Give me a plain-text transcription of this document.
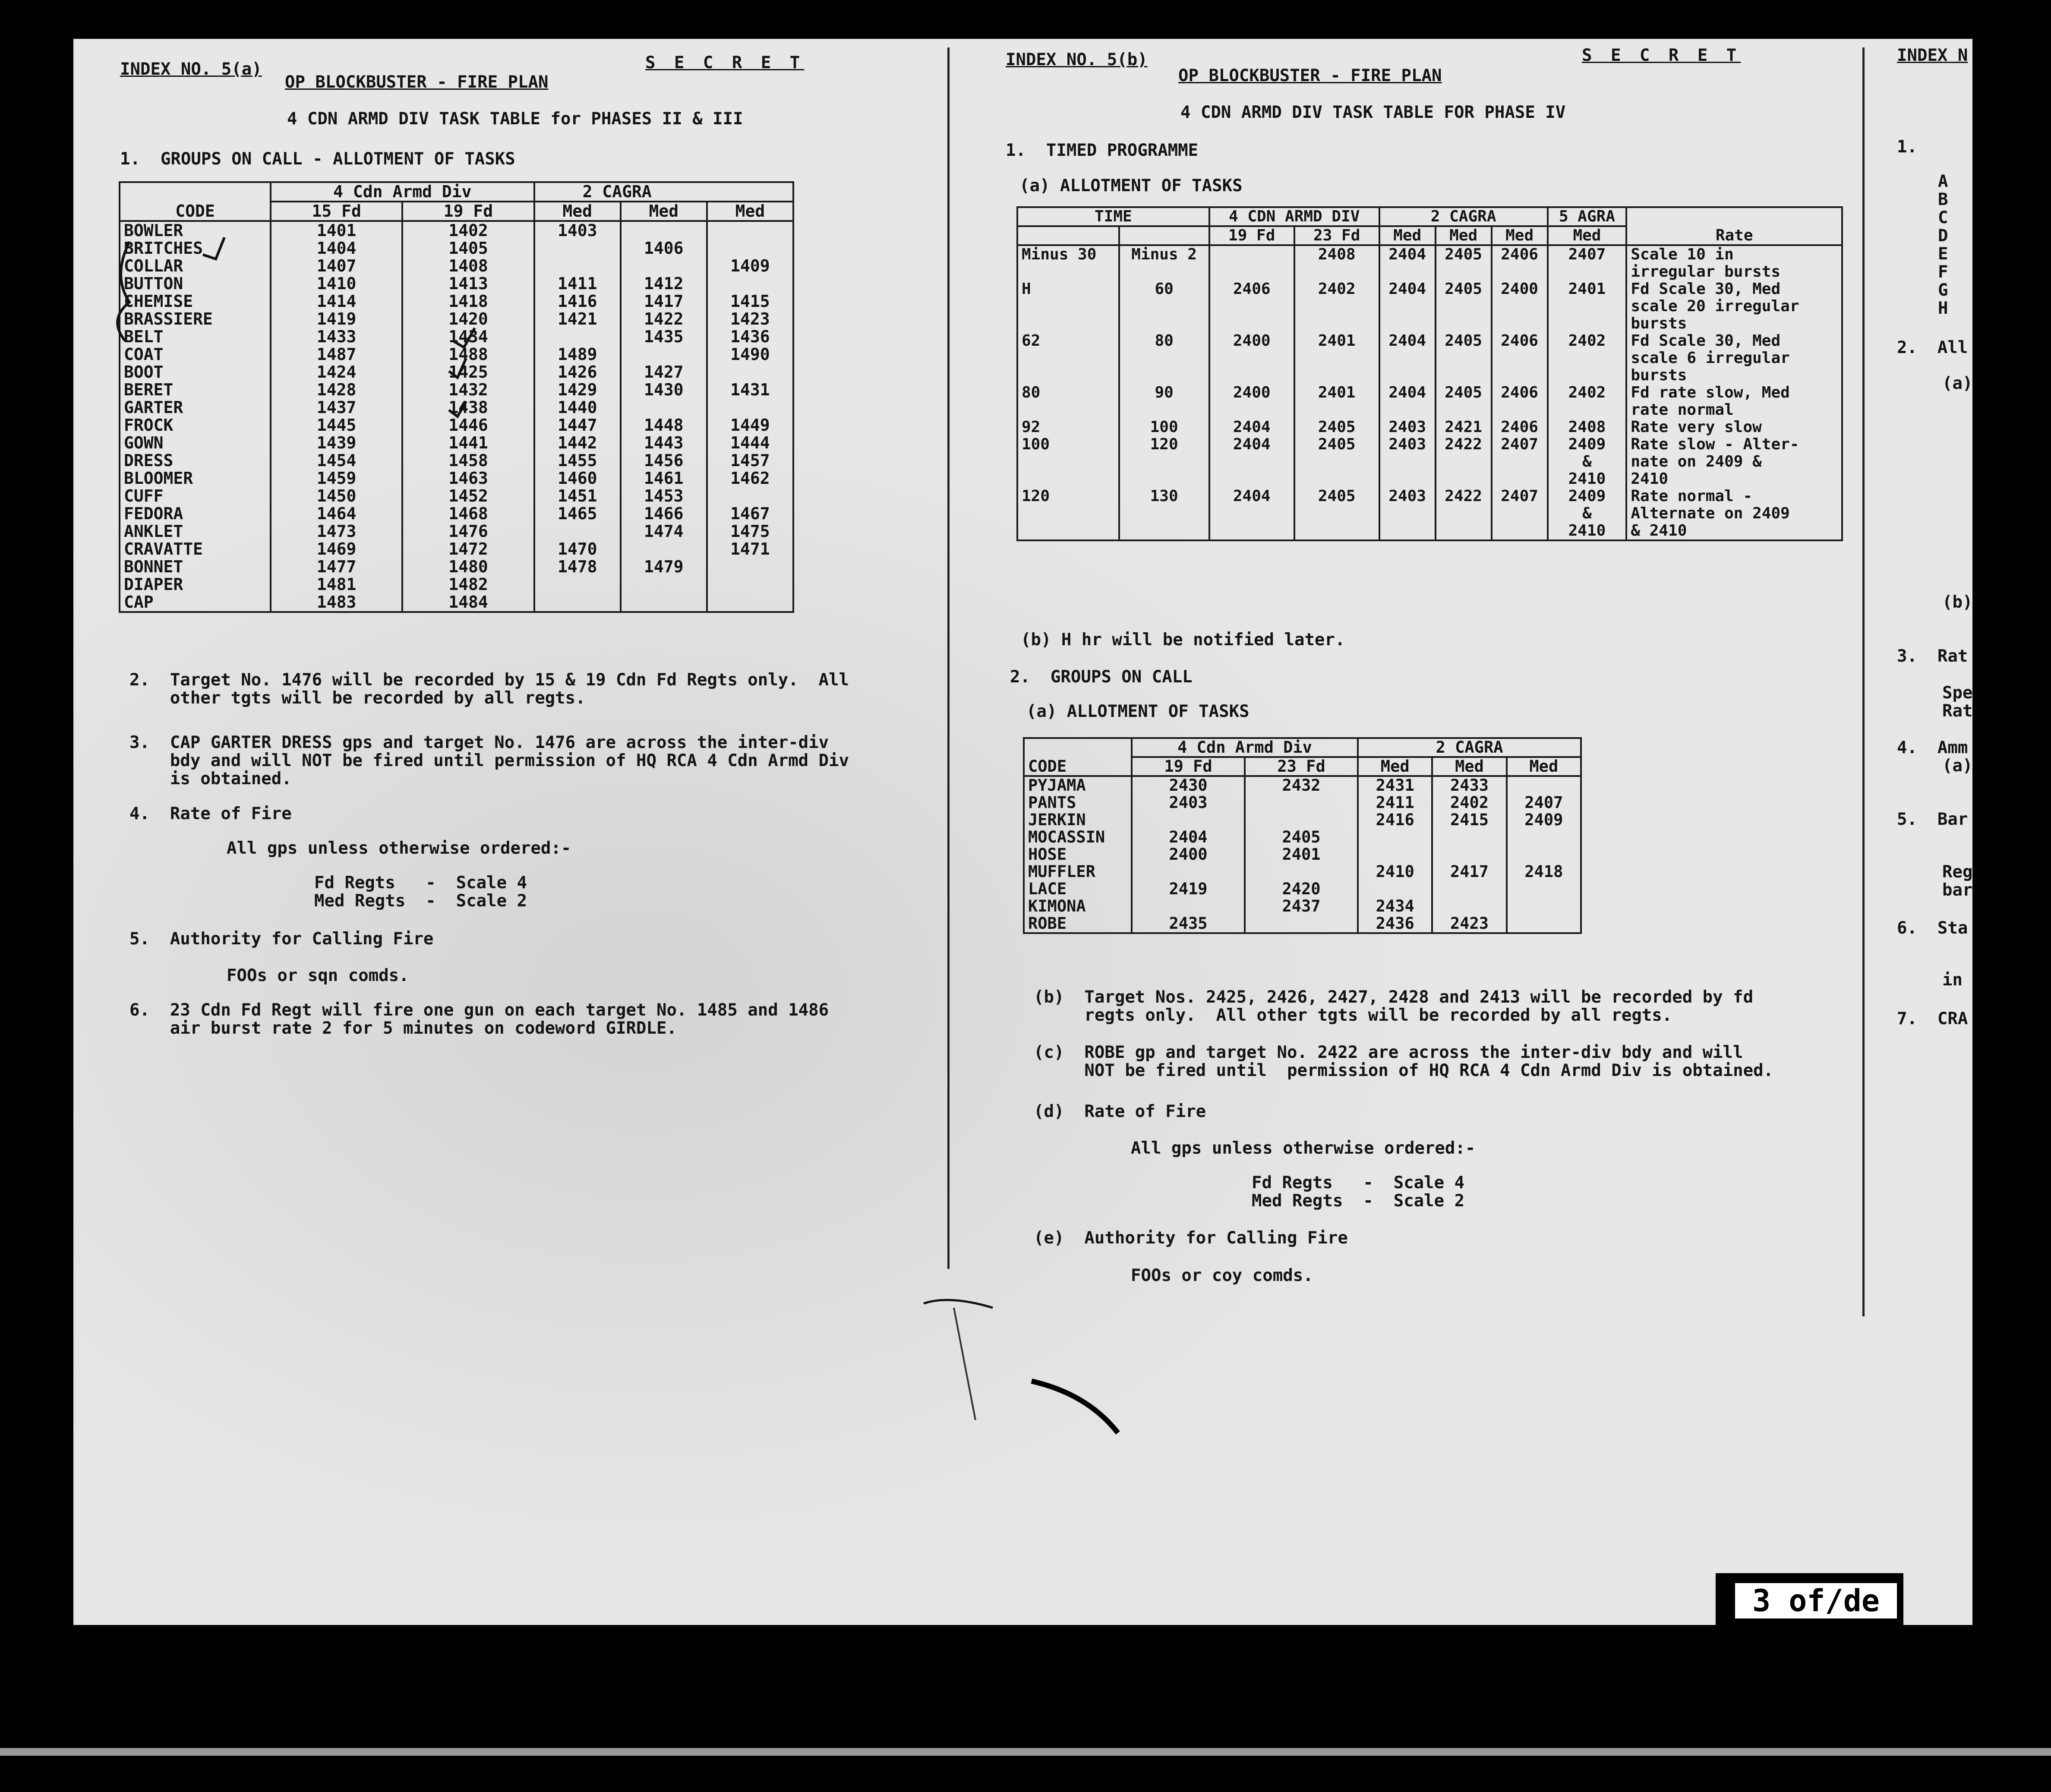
INDEX NO. 5(a)	S E C R E T
OP BLOCKBUSTER - FIRE PLAN
4 CDN ARMD DIV TASK TABLE for PHASES II & III
1.  GROUPS ON CALL - ALLOTMENT OF TASKS
CODE	4 Cdn Armd Div		2 CAGRA		
	15 Fd	19 Fd	Med	Med	Med
BOWLER	1401	1402	1403		
BRITCHES	1404	1405		1406	
COLLAR	1407	1408			1409
BUTTON	1410	1413	1411	1412	
CHEMISE	1414	1418	1416	1417	1415
BRASSIERE	1419	1420	1421	1422	1423
BELT	1433	1434		1435	1436
COAT	1487	1488	1489		1490
BOOT	1424	1425	1426	1427	
BERET	1428	1432	1429	1430	1431
GARTER	1437	1438	1440		
FROCK	1445	1446	1447	1448	1449
GOWN	1439	1441	1442	1443	1444
DRESS	1454	1458	1455	1456	1457
BLOOMER	1459	1463	1460	1461	1462
CUFF	1450	1452	1451	1453	
FEDORA	1464	1468	1465	1466	1467
ANKLET	1473	1476		1474	1475
CRAVATTE	1469	1472	1470		1471
BONNET	1477	1480	1478	1479	
DIAPER	1481	1482			
CAP	1483	1484			
2.  Target No. 1476 will be recorded by 15 & 19 Cdn Fd Regts only.  All
other tgts will be recorded by all regts.
3.  CAP GARTER DRESS gps and target No. 1476 are across the inter-div
bdy and will NOT be fired until permission of HQ RCA 4 Cdn Armd Div
is obtained.
4.  Rate of Fire
All gps unless otherwise ordered:-
Fd Regts   -  Scale 4
Med Regts  -  Scale 2
5.  Authority for Calling Fire
FOOs or sqn comds.
6.  23 Cdn Fd Regt will fire one gun on each target No. 1485 and 1486
air burst rate 2 for 5 minutes on codeword GIRDLE.
INDEX NO. 5(b)	S E C R E T
OP BLOCKBUSTER - FIRE PLAN
4 CDN ARMD DIV TASK TABLE FOR PHASE IV
1.  TIMED PROGRAMME
(a) ALLOTMENT OF TASKS
TIME		4 CDN ARMD DIV		2 CAGRA			5 AGRA	Rate
		19 Fd	23 Fd	Med	Med	Med	Med	
Minus 30	Minus 2		2408	2404	2405	2406	2407	Scale 10 in
irregular bursts
H	60	2406	2402	2404	2405	2400	2401	Fd Scale 30, Med
scale 20 irregular
bursts
62	80	2400	2401	2404	2405	2406	2402	Fd Scale 30, Med
scale 6 irregular
bursts
80	90	2400	2401	2404	2405	2406	2402	Fd rate slow, Med
rate normal
92	100	2404	2405	2403	2421	2406	2408	Rate very slow
100	120	2404	2405	2403	2422	2407	2409
&
2410	Rate slow - Alter-
nate on 2409 &
2410
120	130	2404	2405	2403	2422	2407	2409
&
2410	Rate normal -
Alternate on 2409
& 2410
(b) H hr will be notified later.
2.  GROUPS ON CALL
(a) ALLOTMENT OF TASKS
CODE	4 Cdn Armd Div		2 CAGRA		
	19 Fd	23 Fd	Med	Med	Med
PYJAMA	2430	2432	2431	2433	
PANTS	2403		2411	2402	2407
JERKIN			2416	2415	2409
MOCASSIN	2404	2405			
HOSE	2400	2401			
MUFFLER			2410	2417	2418
LACE	2419	2420			
KIMONA		2437	2434		
ROBE	2435		2436	2423	
(b)  Target Nos. 2425, 2426, 2427, 2428 and 2413 will be recorded by fd
regts only.  All other tgts will be recorded by all regts.
(c)  ROBE gp and target No. 2422 are across the inter-div bdy and will
NOT be fired until  permission of HQ RCA 4 Cdn Armd Div is obtained.
(d)  Rate of Fire
All gps unless otherwise ordered:-
Fd Regts   -  Scale 4
Med Regts  -  Scale 2
(e)  Authority for Calling Fire
FOOs or coy comds.
INDEX N
1.
A
B
C
D
E
F
G
H
2.  All
(a)
(b)
3.  Rat
Spe
Rat
4.  Amm
(a)
5.  Bar
Reg
bar
6.  Sta
in
7.  CRA
3 of/de
